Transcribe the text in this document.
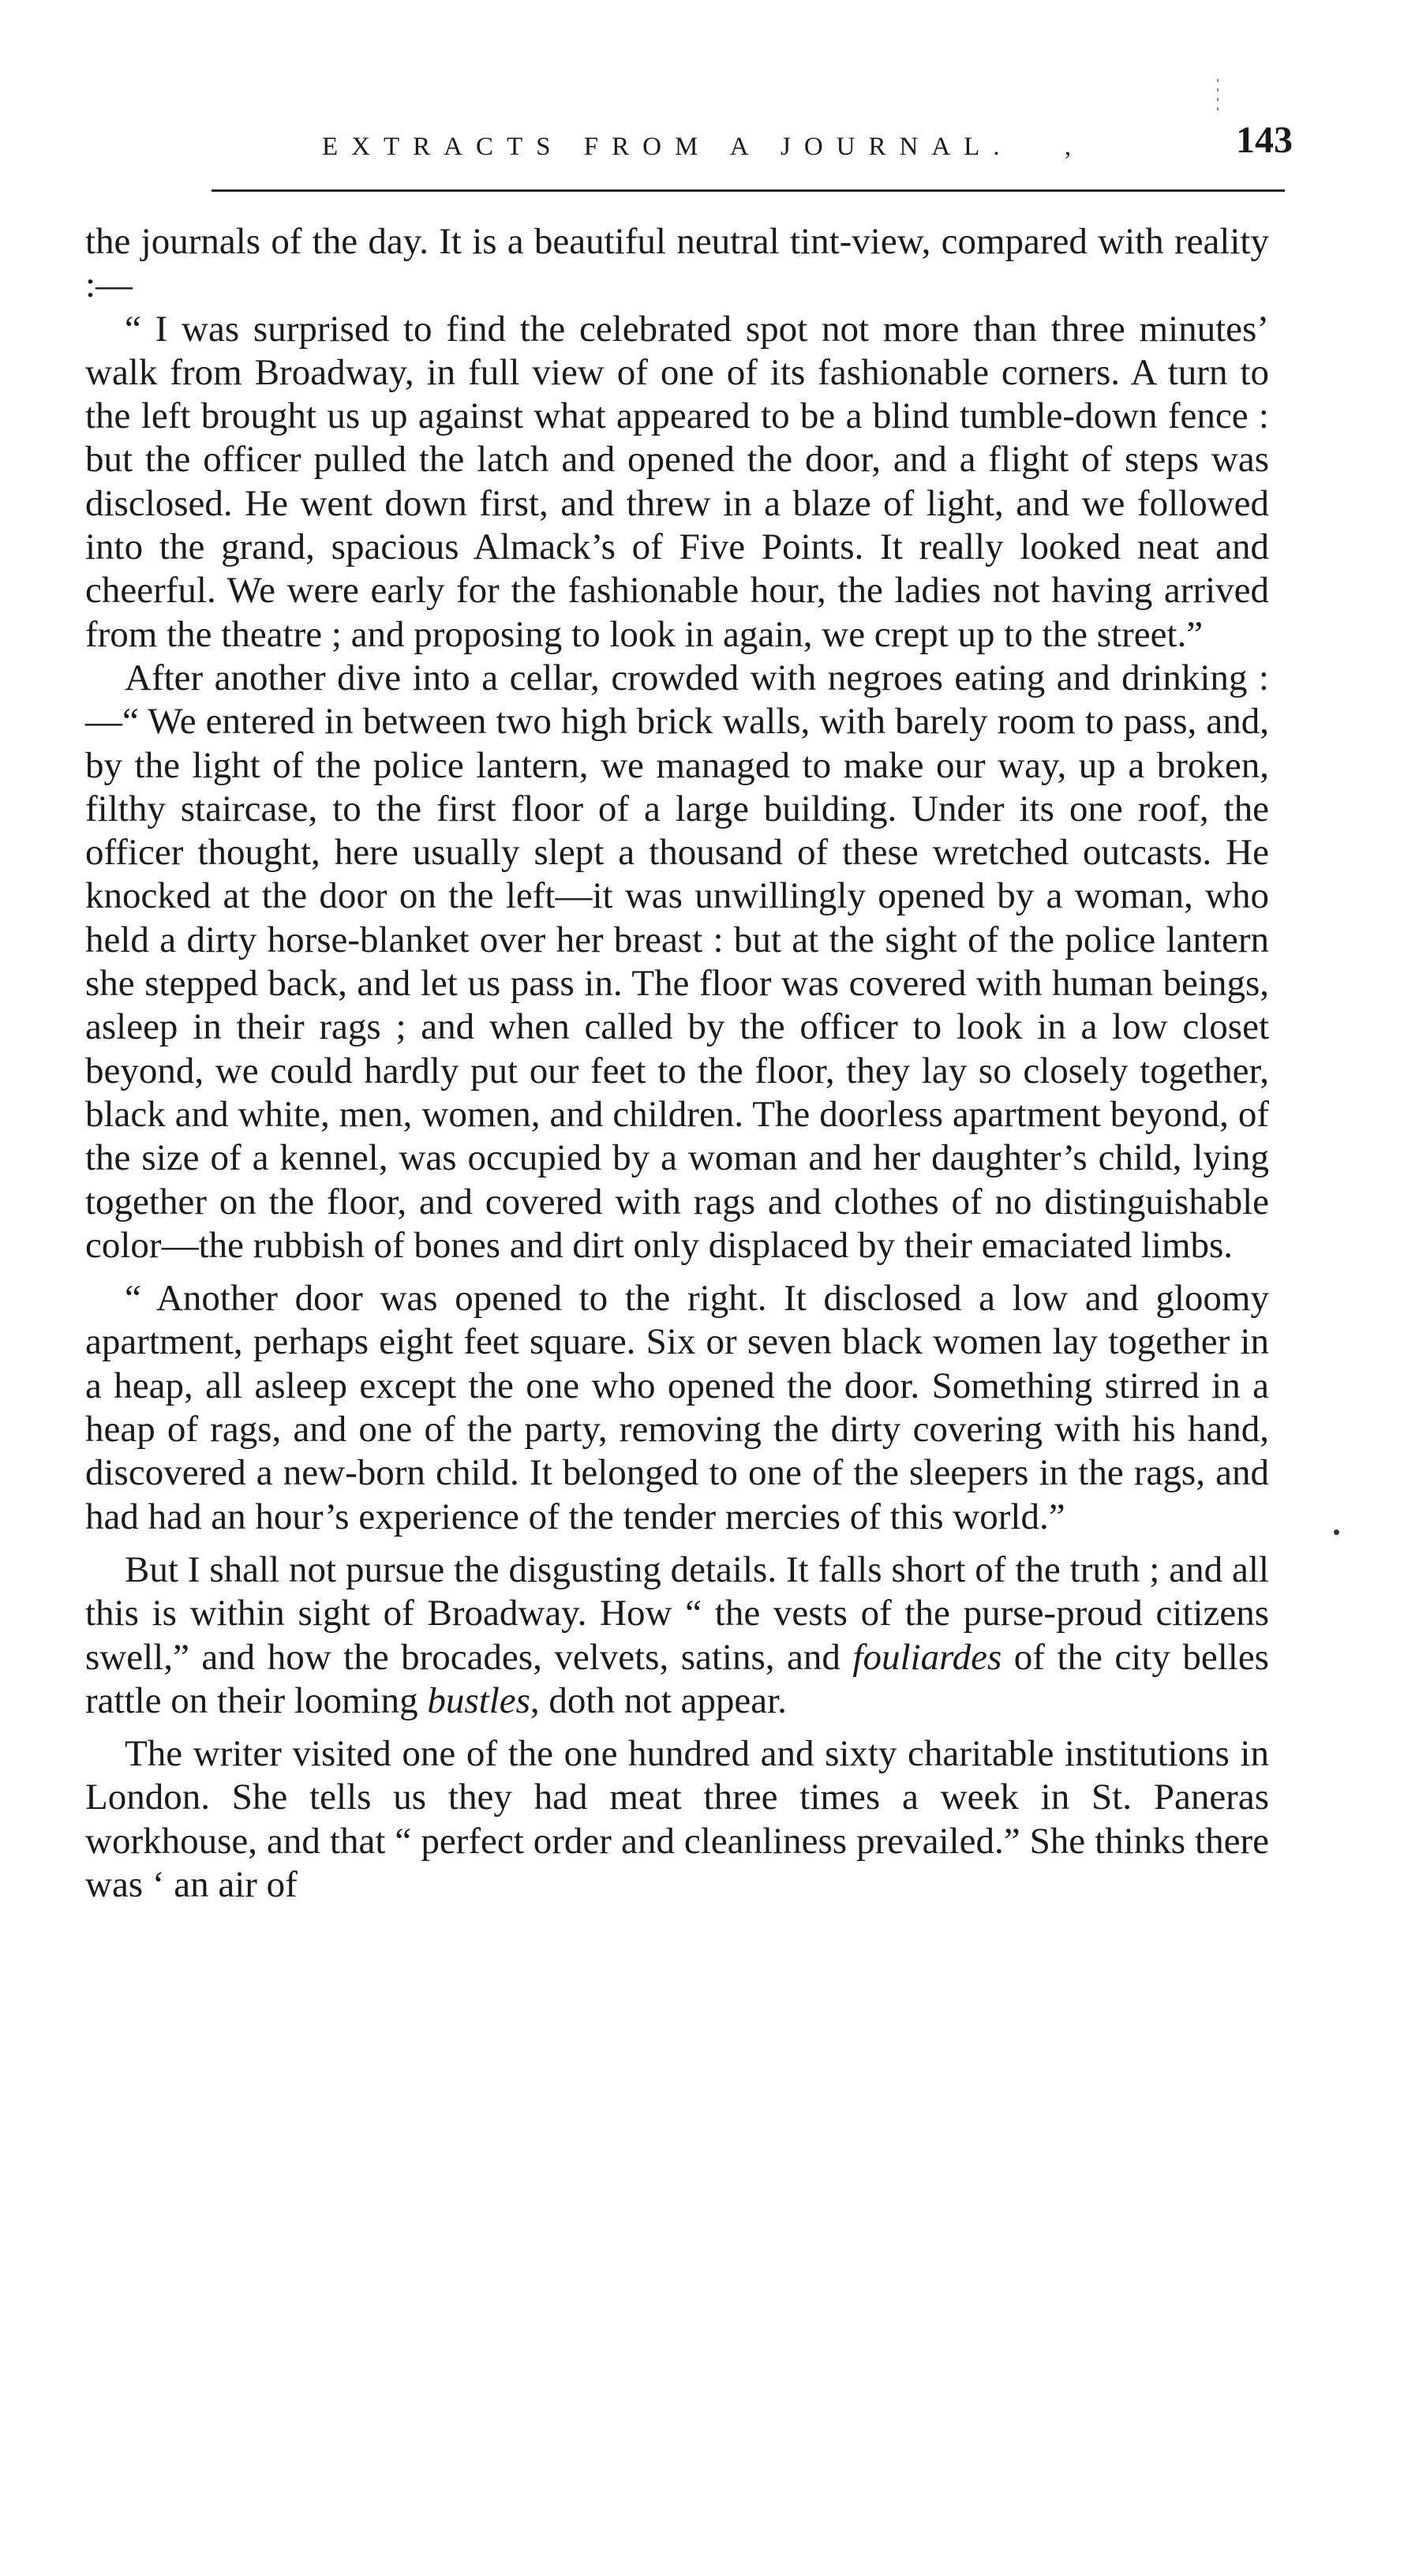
EXTRACTS FROM A JOURNAL. ,	143

the journals of the day. It is a beautiful neutral tint-view, compared with reality :—

“ I was surprised to find the celebrated spot not more than three minutes’ walk from Broadway, in full view of one of its fashionable corners. A turn to the left brought us up against what appeared to be a blind tumble-down fence : but the officer pulled the latch and opened the door, and a flight of steps was disclosed. He went down first, and threw in a blaze of light, and we followed into the grand, spacious Almack’s of Five Points. It really looked neat and cheerful. We were early for the fashionable hour, the ladies not having arrived from the theatre ; and proposing to look in again, we crept up to the street.”

After another dive into a cellar, crowded with negroes eating and drinking :—“ We entered in between two high brick walls, with barely room to pass, and, by the light of the police lantern, we managed to make our way, up a broken, filthy staircase, to the first floor of a large building. Under its one roof, the officer thought, here usually slept a thousand of these wretched outcasts. He knocked at the door on the left—it was unwillingly opened by a woman, who held a dirty horse-blanket over her breast : but at the sight of the police lantern she stepped back, and let us pass in. The floor was covered with human beings, asleep in their rags ; and when called by the officer to look in a low closet beyond, we could hardly put our feet to the floor, they lay so closely together, black and white, men, women, and children. The doorless apartment beyond, of the size of a kennel, was occupied by a woman and her daughter’s child, lying together on the floor, and covered with rags and clothes of no distinguishable color—the rubbish of bones and dirt only displaced by their emaciated limbs.

“ Another door was opened to the right. It disclosed a low and gloomy apartment, perhaps eight feet square. Six or seven black women lay together in a heap, all asleep except the one who opened the door. Something stirred in a heap of rags, and one of the party, removing the dirty covering with his hand, discovered a new-born child. It belonged to one of the sleepers in the rags, and had had an hour’s experience of the tender mercies of this world.”

But I shall not pursue the disgusting details. It falls short of the truth ; and all this is within sight of Broadway. How “ the vests of the purse-proud citizens swell,” and how the brocades, velvets, satins, and fouliardes of the city belles rattle on their looming bustles, doth not appear.

The writer visited one of the one hundred and sixty charitable institutions in London. She tells us they had meat three times a week in St. Paneras workhouse, and that “ perfect order and cleanliness prevailed.” She thinks there was ‘ an air of
